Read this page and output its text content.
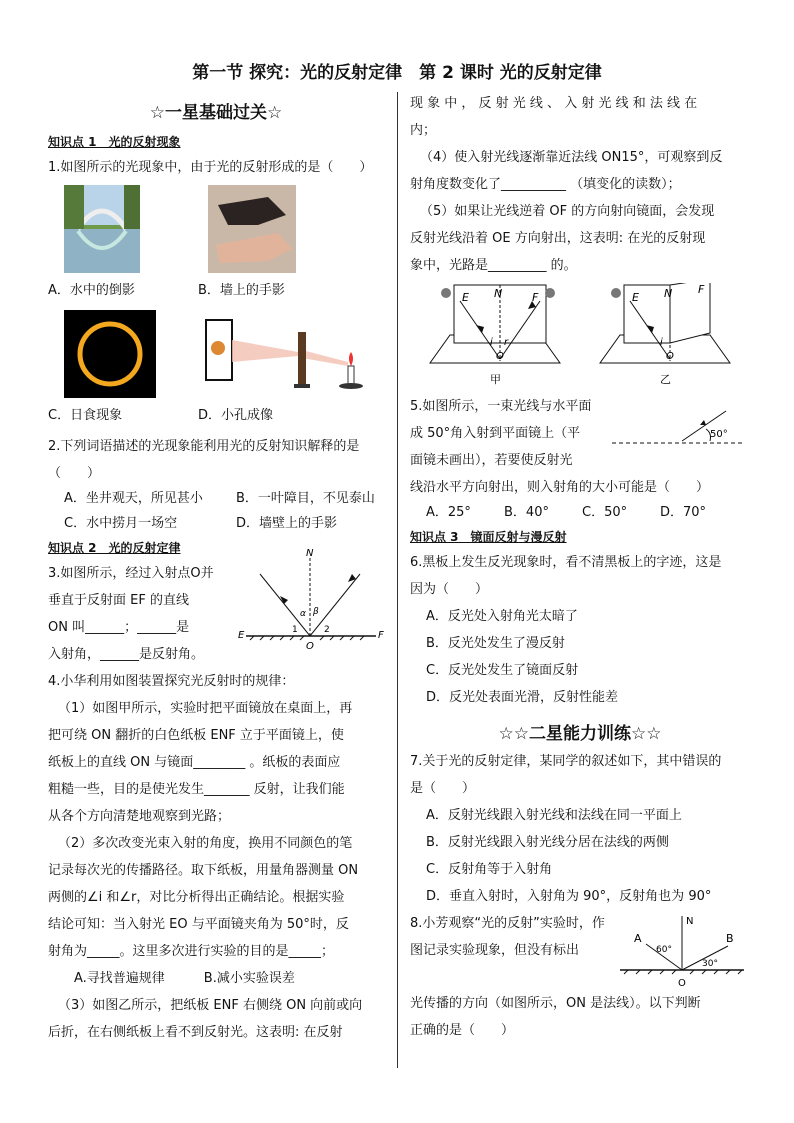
第一节 探究：光的反射定律　第 2 课时 光的反射定律
☆一星基础过关☆
知识点 1　光的反射现象

1.如图所示的光现象中，由于光的反射形成的是（　　）

A．水中的倒影	B．墙上的手影

C．日食现象	D．小孔成像

2.下列词语描述的光现象能利用光的反射知识解释的是（　　）

A．坐井观天，所见甚小	B．一叶障目，不见泰山
C．水中捞月一场空	D．墙壁上的手影
知识点 2　光的反射定律

3.如图所示，经过入射点O并

垂直于反射面 EF 的直线

ON 叫______；______是

入射角，______是反射角。

N
E	F
O
α β
1	2

4.小华利用如图装置探究光反射时的规律：

（1）如图甲所示，实验时把平面镜放在桌面上，再

把可绕 ON 翻折的白色纸板 ENF 立于平面镜上，使

纸板上的直线 ON 与镜面________ 。纸板的表面应

粗糙一些，目的是使光发生_______ 反射，让我们能

从各个方向清楚地观察到光路；

（2）多次改变光束入射的角度，换用不同颜色的笔

记录每次光的传播路径。取下纸板，用量角器测量 ON

两侧的∠i 和∠r，对比分析得出正确结论。根据实验

结论可知：当入射光 EO 与平面镜夹角为 50°时，反

射角为_____。这里多次进行实验的目的是_____；

　　A.寻找普遍规律　　　B.减小实验误差

（3）如图乙所示，把纸板 ENF 右侧绕 ON 向前或向

后折，在右侧纸板上看不到反射光。这表明: 在反射

现 象 中 ， 反 射 光 线 、 入 射 光 线 和 法 线 在

内；

（4）使入射光线逐渐靠近法线 ON15°，可观察到反

射角度数变化了__________ （填变化的读数）；

（5）如果让光线逆着 OF 的方向射向镜面，会发现

反射光线沿着 OE 方向射出，这表明: 在光的反射现

象中，光路是_________ 的。

E N	F
i r
O
甲
E N F
i
O
乙

5.如图所示，一束光线与水平面

成 50°角入射到平面镜上（平

面镜未画出），若要使反射光

50°

线沿水平方向射出，则入射角的大小可能是（　　）

A．25°	B．40°	C．50°	D．70°
知识点 3　镜面反射与漫反射

6.黑板上发生反光现象时，看不清黑板上的字迹，这是

因为（　　）

A．反光处入射角光太暗了

B．反光处发生了漫反射

C．反光处发生了镜面反射

D．反光处表面光滑，反射性能差

☆☆二星能力训练☆☆

7.关于光的反射定律，某同学的叙述如下，其中错误的

是（　　）

A．反射光线跟入射光线和法线在同一平面上

B．反射光线跟入射光线分居在法线的两侧

C．反射角等于入射角

D．垂直入射时，入射角为 90°，反射角也为 90°

8.小芳观察“光的反射”实验时，作

图记录实验现象，但没有标出

N
A	B
O
60°
30°

光传播的方向（如图所示，ON 是法线）。以下判断

正确的是（　　）
